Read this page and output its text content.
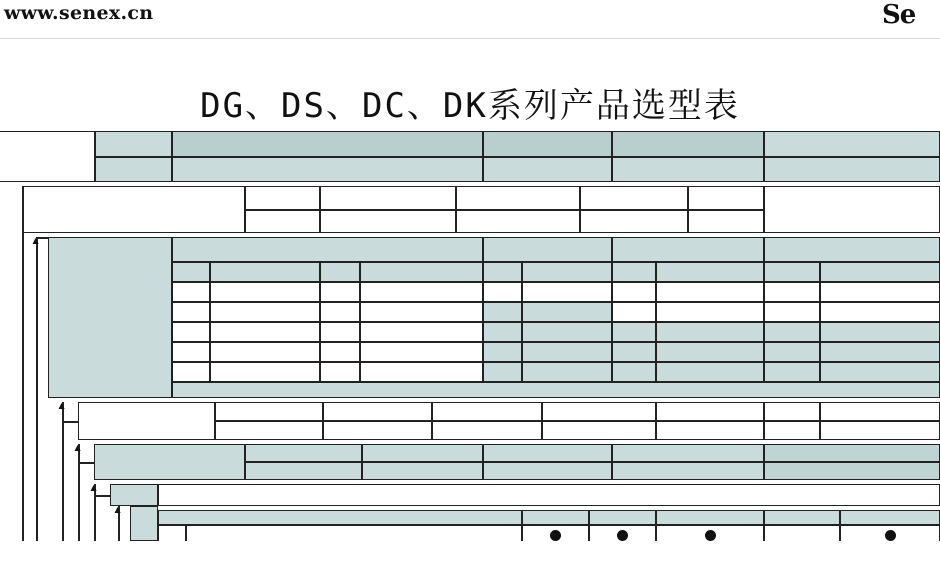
www.senex.cn	Se
DG、DS、DC、DK系列产品选型表
▲
▲
▲
▲
▲
